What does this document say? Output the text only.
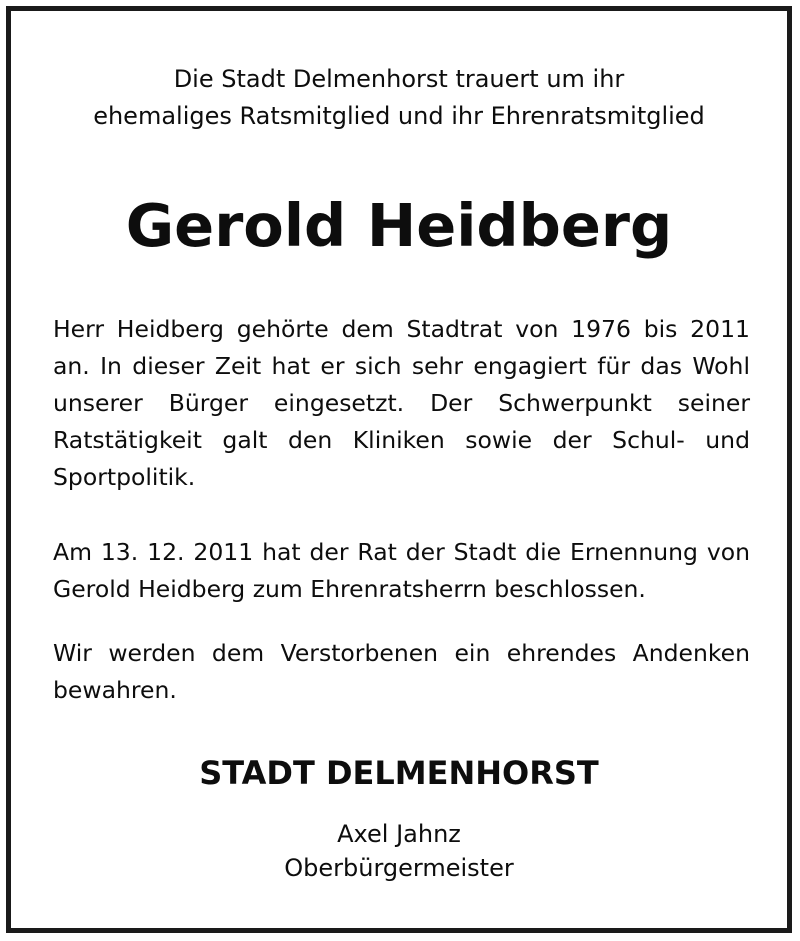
Die Stadt Delmenhorst trauert um ihr
ehemaliges Ratsmitglied und ihr Ehrenratsmitglied
Gerold Heidberg

Herr Heidberg gehörte dem Stadtrat von 1976 bis 2011 an. In dieser Zeit hat er sich sehr engagiert für das Wohl unserer Bürger eingesetzt. Der Schwerpunkt seiner Ratstätigkeit galt den Kliniken sowie der Schul- und Sportpolitik.

Am 13. 12. 2011 hat der Rat der Stadt die Ernennung von Gerold Heidberg zum Ehrenratsherrn beschlossen.

Wir werden dem Verstorbenen ein ehrendes Andenken bewahren.

STADT DELMENHORST
Axel Jahnz
Oberbürgermeister
